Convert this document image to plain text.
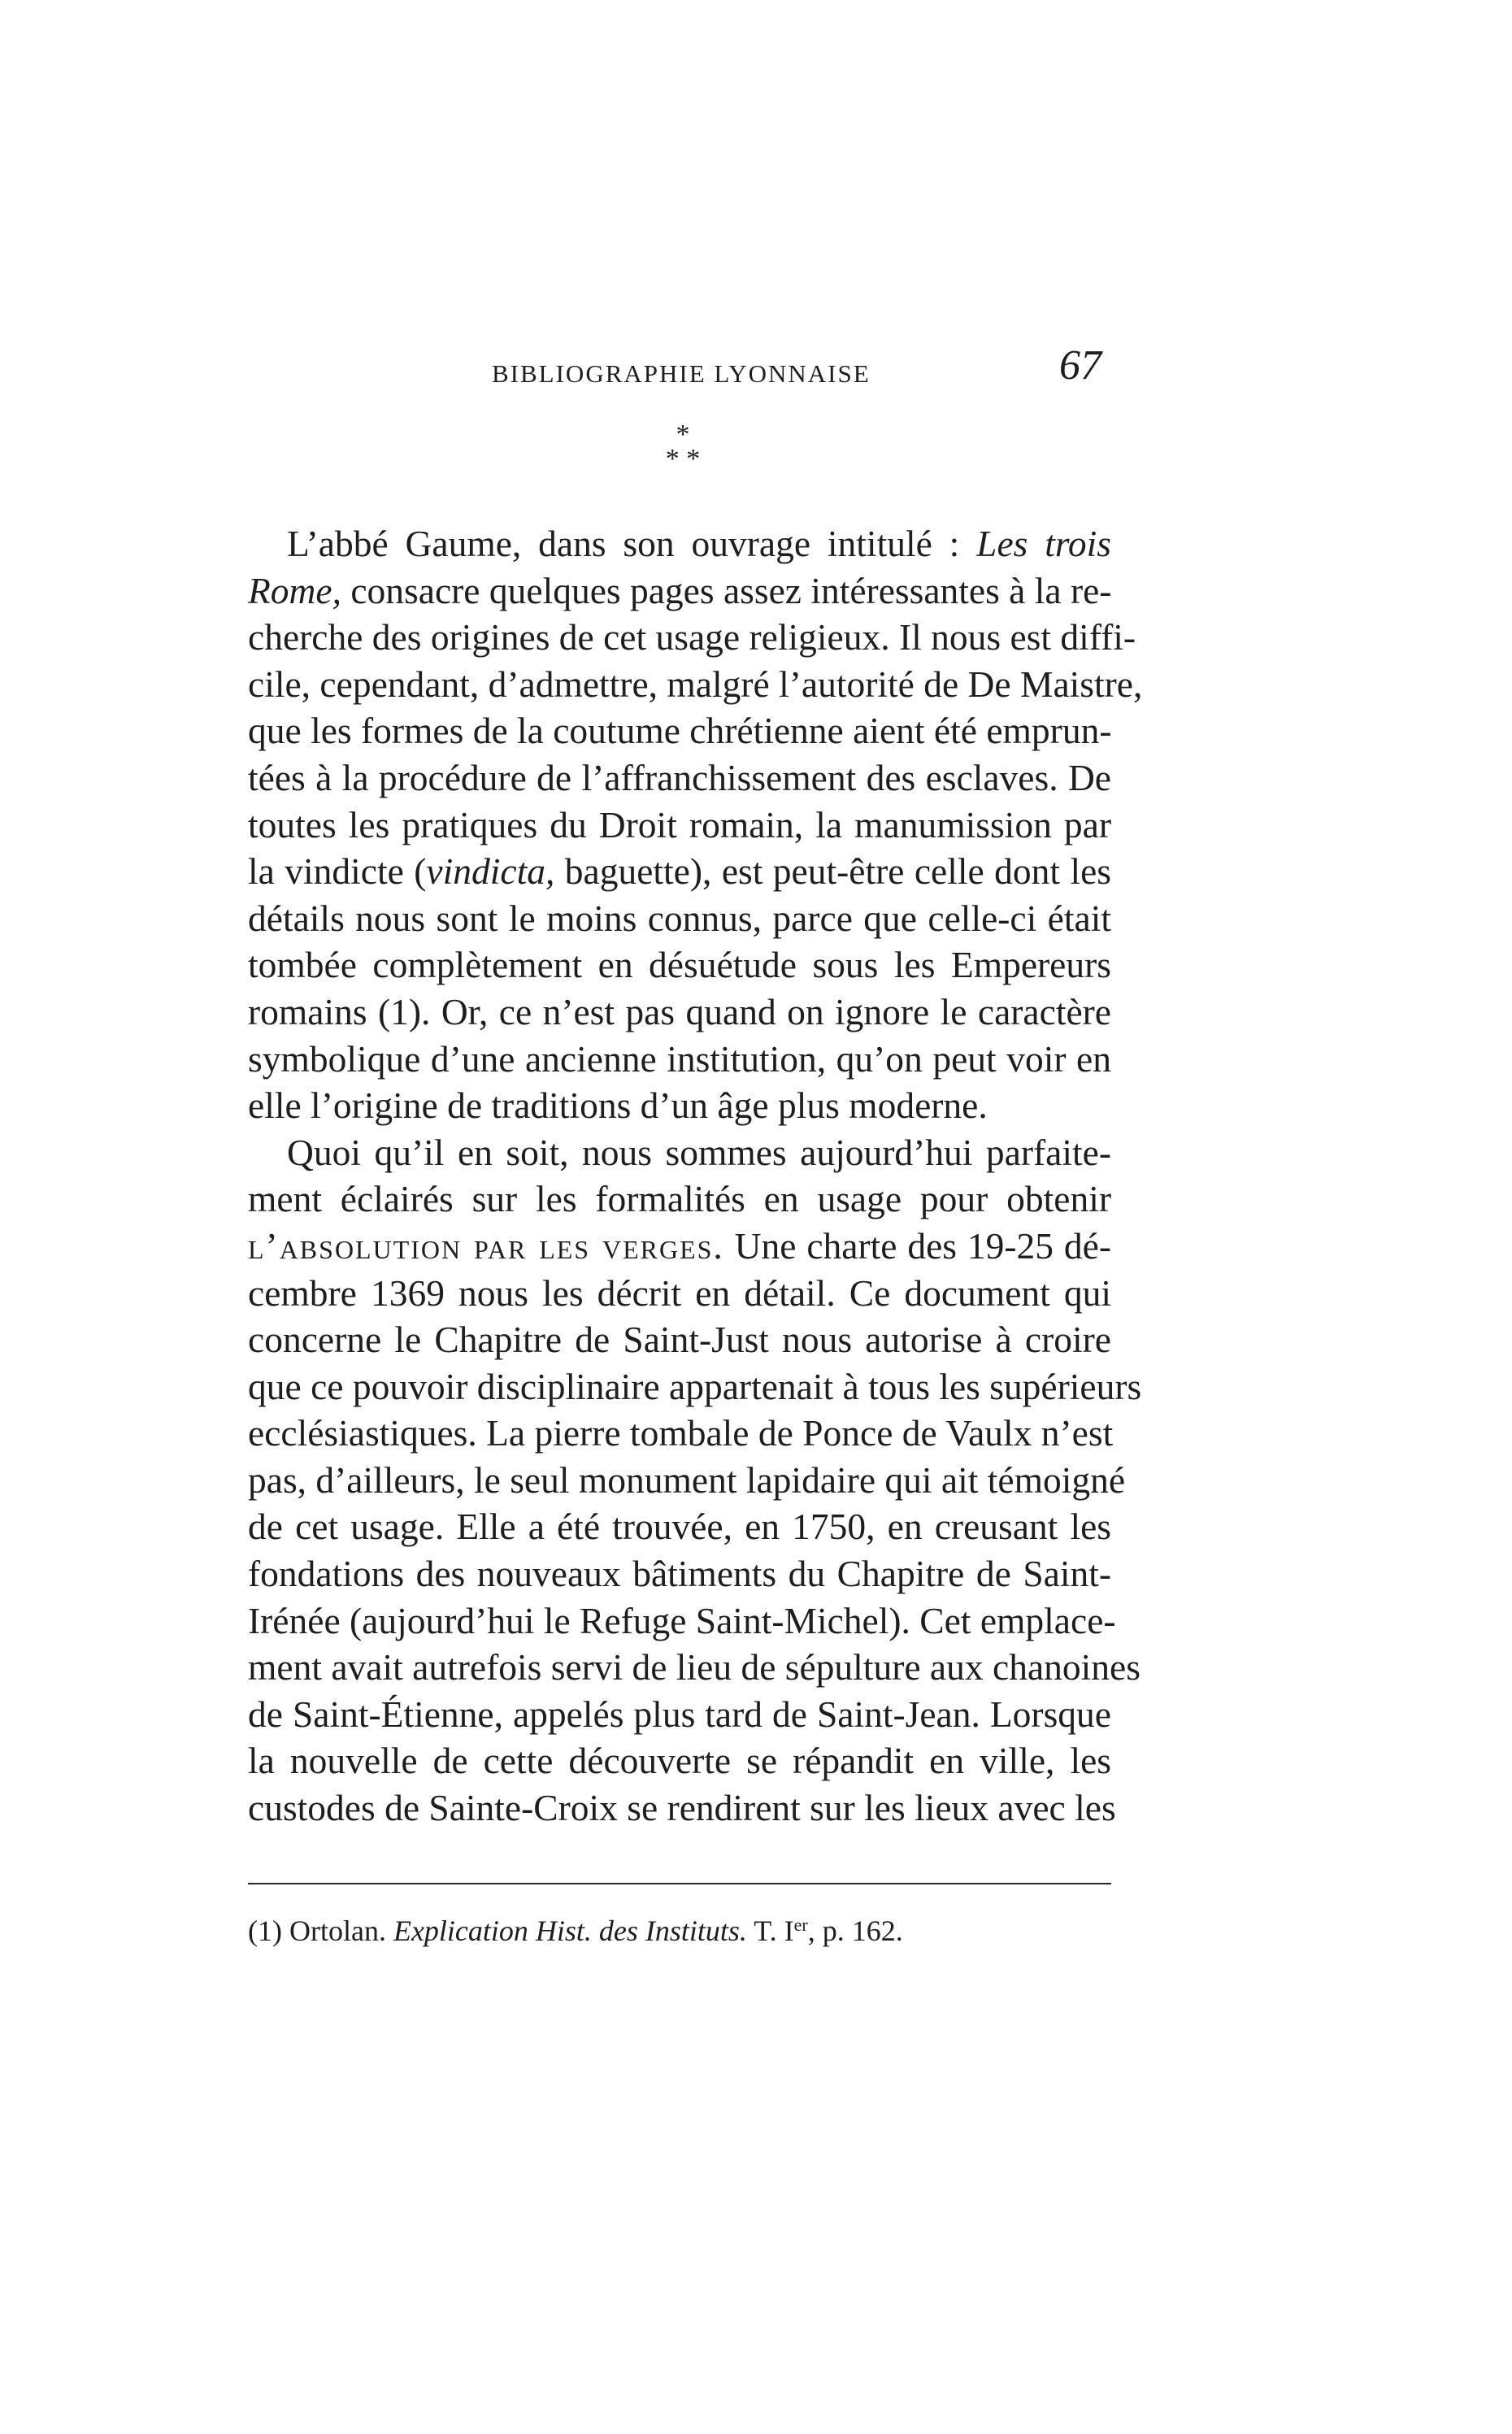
BIBLIOGRAPHIE LYONNAISE	67
*
* *
L’abbé Gaume, dans son ouvrage intitulé : Les trois
Rome, consacre quelques pages assez intéressantes à la re-
cherche des origines de cet usage religieux. Il nous est diffi-
cile, cependant, d’admettre, malgré l’autorité de De Maistre,
que les formes de la coutume chrétienne aient été emprun-
tées à la procédure de l’affranchissement des esclaves. De
toutes les pratiques du Droit romain, la manumission par
la vindicte (vindicta, baguette), est peut-être celle dont les
détails nous sont le moins connus, parce que celle-ci était
tombée complètement en désuétude sous les Empereurs
romains (1). Or, ce n’est pas quand on ignore le caractère
symbolique d’une ancienne institution, qu’on peut voir en
elle l’origine de traditions d’un âge plus moderne.
Quoi qu’il en soit, nous sommes aujourd’hui parfaite-
ment éclairés sur les formalités en usage pour obtenir
l’absolution par les verges. Une charte des 19-25 dé-
cembre 1369 nous les décrit en détail. Ce document qui
concerne le Chapitre de Saint-Just nous autorise à croire
que ce pouvoir disciplinaire appartenait à tous les supérieurs
ecclésiastiques. La pierre tombale de Ponce de Vaulx n’est
pas, d’ailleurs, le seul monument lapidaire qui ait témoigné
de cet usage. Elle a été trouvée, en 1750, en creusant les
fondations des nouveaux bâtiments du Chapitre de Saint-
Irénée (aujourd’hui le Refuge Saint-Michel). Cet emplace-
ment avait autrefois servi de lieu de sépulture aux chanoines
de Saint-Étienne, appelés plus tard de Saint-Jean. Lorsque
la nouvelle de cette découverte se répandit en ville, les
custodes de Sainte-Croix se rendirent sur les lieux avec les
(1) Ortolan. Explication Hist. des Instituts. T. Ier, p. 162.
